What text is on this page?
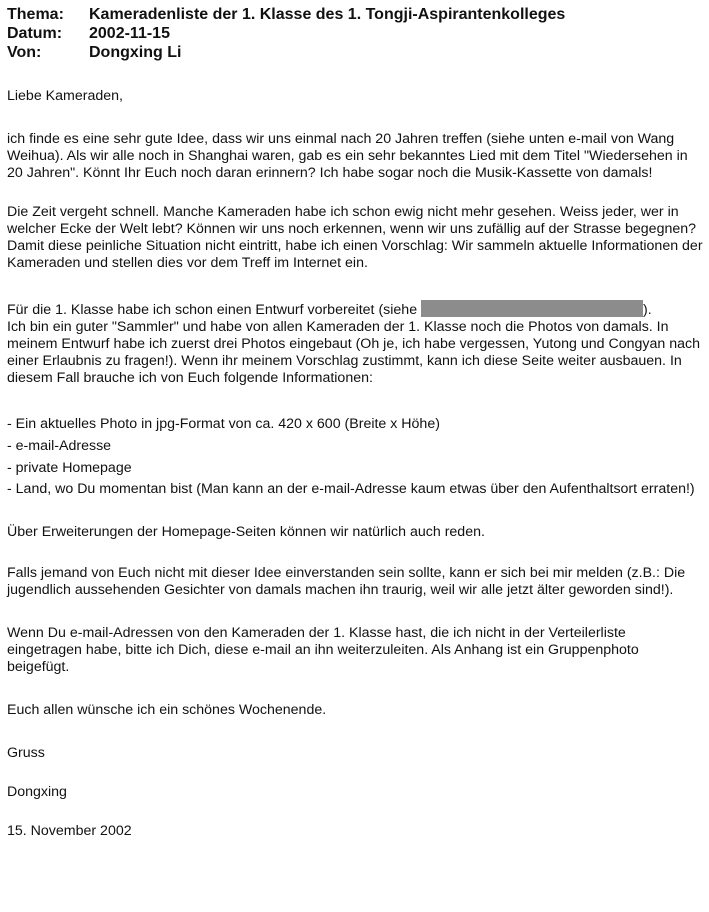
Thema:	Kameradenliste der 1. Klasse des 1. Tongji-Aspirantenkolleges
Datum:	2002-11-15
Von:	Dongxing Li

Liebe Kameraden,

ich finde es eine sehr gute Idee, dass wir uns einmal nach 20 Jahren treffen (siehe unten e-mail von Wang Weihua). Als wir alle noch in Shanghai waren, gab es ein sehr bekanntes Lied mit dem Titel "Wiedersehen in 20 Jahren". Könnt Ihr Euch noch daran erinnern? Ich habe sogar noch die Musik-Kassette von damals!

Die Zeit vergeht schnell. Manche Kameraden habe ich schon ewig nicht mehr gesehen. Weiss jeder, wer in welcher Ecke der Welt lebt? Können wir uns noch erkennen, wenn wir uns zufällig auf der Strasse begegnen? Damit diese peinliche Situation nicht eintritt, habe ich einen Vorschlag: Wir sammeln aktuelle Informationen der Kameraden und stellen dies vor dem Treff im Internet ein.

Für die 1. Klasse habe ich schon einen Entwurf vorbereitet (siehe	).
Ich bin ein guter "Sammler" und habe von allen Kameraden der 1. Klasse noch die Photos von damals. In meinem Entwurf habe ich zuerst drei Photos eingebaut (Oh je, ich habe vergessen, Yutong und Congyan nach einer Erlaubnis zu fragen!). Wenn ihr meinem Vorschlag zustimmt, kann ich diese Seite weiter ausbauen. In diesem Fall brauche ich von Euch folgende Informationen:

- Ein aktuelles Photo in jpg-Format von ca. 420 x 600 (Breite x Höhe)

- e-mail-Adresse

- private Homepage

- Land, wo Du momentan bist (Man kann an der e-mail-Adresse kaum etwas über den Aufenthaltsort erraten!)

Über Erweiterungen der Homepage-Seiten können wir natürlich auch reden.

Falls jemand von Euch nicht mit dieser Idee einverstanden sein sollte, kann er sich bei mir melden (z.B.: Die jugendlich aussehenden Gesichter von damals machen ihn traurig, weil wir alle jetzt älter geworden sind!).

Wenn Du e-mail-Adressen von den Kameraden der 1. Klasse hast, die ich nicht in der Verteilerliste eingetragen habe, bitte ich Dich, diese e-mail an ihn weiterzuleiten. Als Anhang ist ein Gruppenphoto beigefügt.

Euch allen wünsche ich ein schönes Wochenende.

Gruss

Dongxing

15. November 2002
